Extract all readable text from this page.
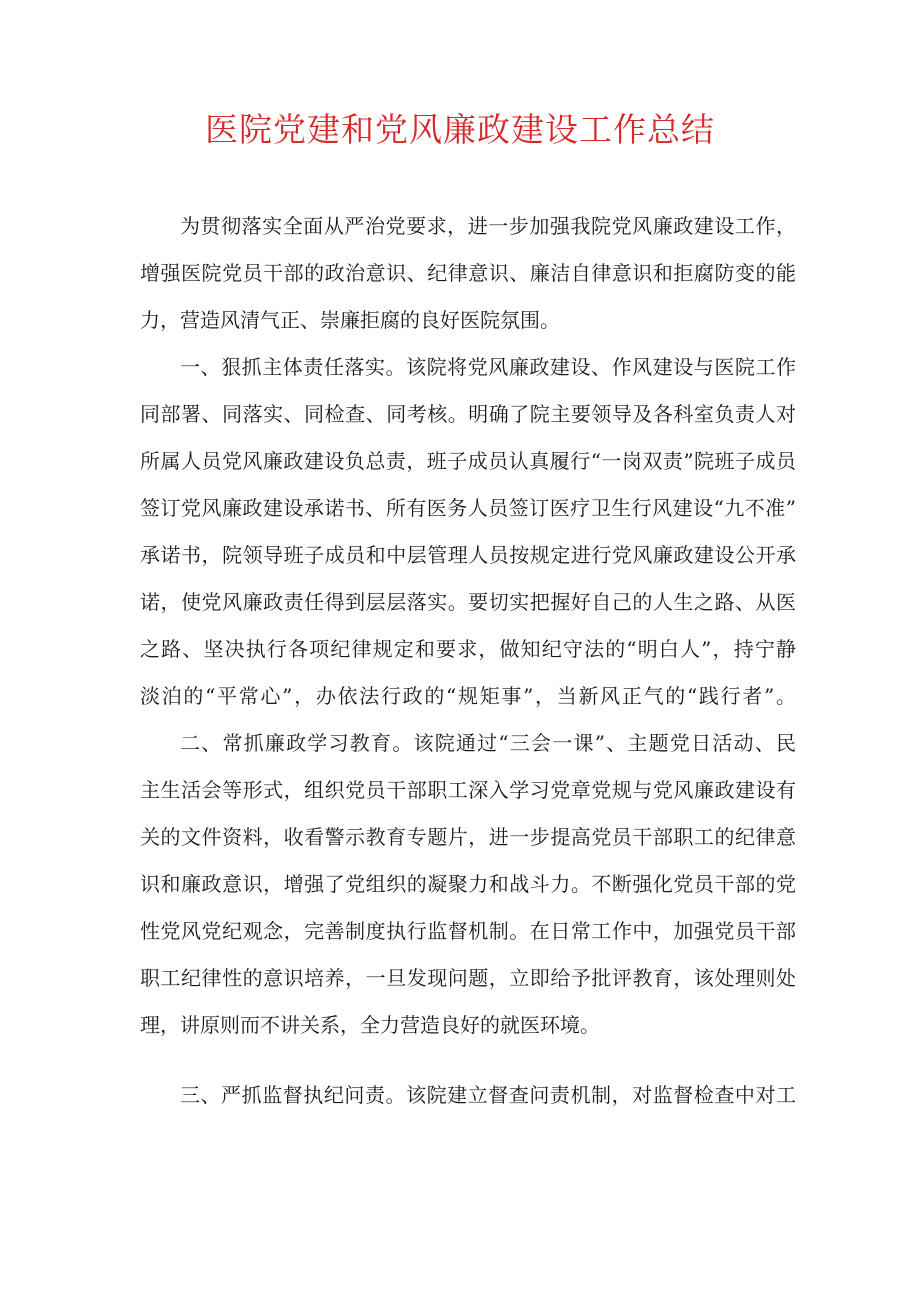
医院党建和党风廉政建设工作总结
为贯彻落实全面从严治党要求，进一步加强我院党风廉政建设工作，
增强医院党员干部的政治意识、纪律意识、廉洁自律意识和拒腐防变的能
力，营造风清气正、崇廉拒腐的良好医院氛围。
一、狠抓主体责任落实。该院将党风廉政建设、作风建设与医院工作
同部署、同落实、同检查、同考核。明确了院主要领导及各科室负责人对
所属人员党风廉政建设负总责，班子成员认真履行“一岗双责”院班子成员
签订党风廉政建设承诺书、所有医务人员签订医疗卫生行风建设“九不准”
承诺书，院领导班子成员和中层管理人员按规定进行党风廉政建设公开承
诺，使党风廉政责任得到层层落实。要切实把握好自己的人生之路、从医
之路、坚决执行各项纪律规定和要求，做知纪守法的“明白人”，持宁静
淡泊的“平常心”，办依法行政的“规矩事”，当新风正气的“践行者”。
二、常抓廉政学习教育。该院通过“三会一课”、主题党日活动、民
主生活会等形式，组织党员干部职工深入学习党章党规与党风廉政建设有
关的文件资料，收看警示教育专题片，进一步提高党员干部职工的纪律意
识和廉政意识，增强了党组织的凝聚力和战斗力。不断强化党员干部的党
性党风党纪观念，完善制度执行监督机制。在日常工作中，加强党员干部
职工纪律性的意识培养，一旦发现问题，立即给予批评教育，该处理则处
理，讲原则而不讲关系，全力营造良好的就医环境。
三、严抓监督执纪问责。该院建立督查问责机制，对监督检查中对工
